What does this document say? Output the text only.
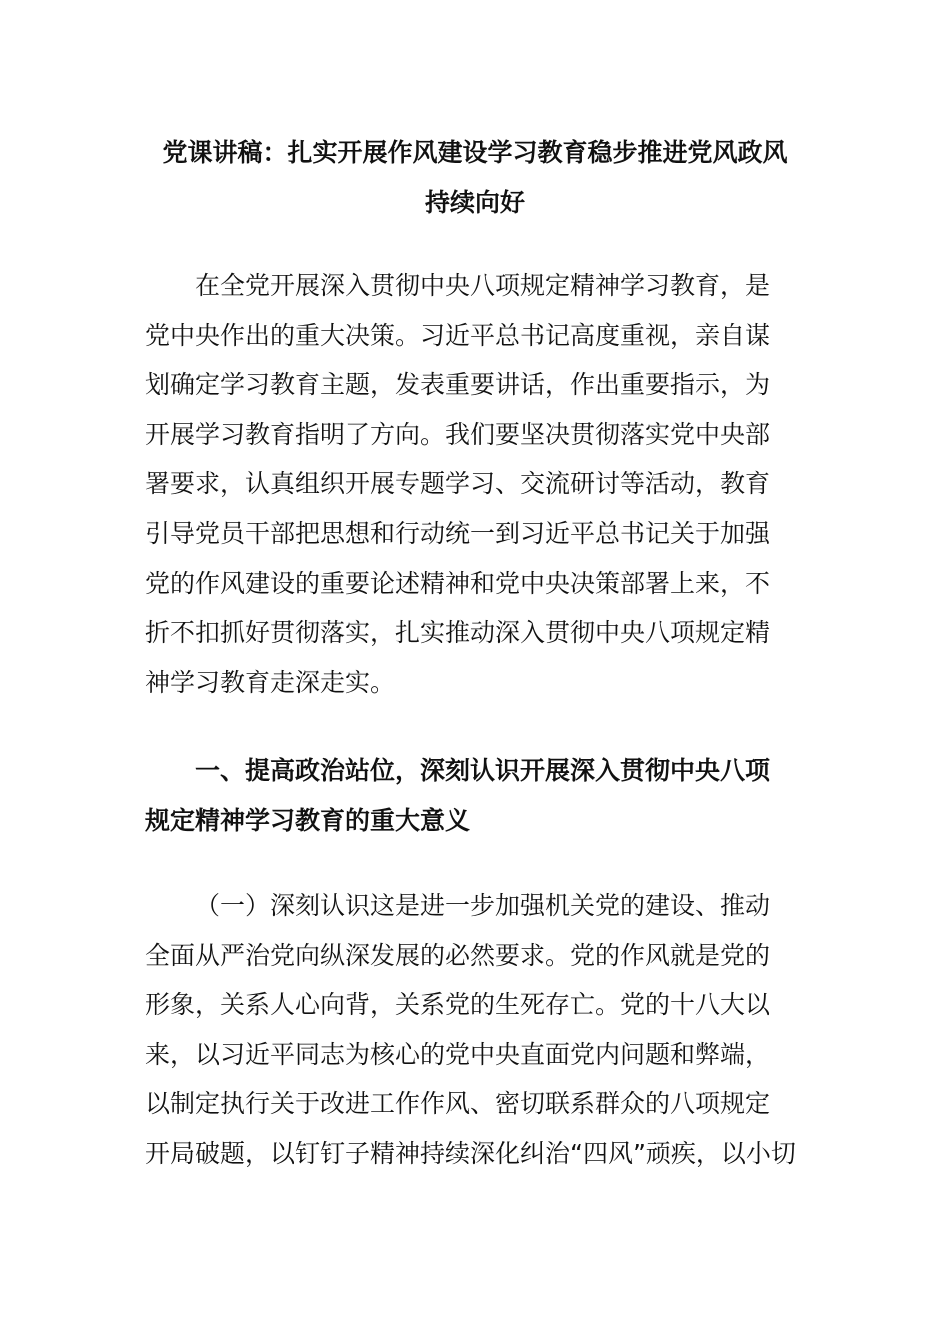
党课讲稿：扎实开展作风建设学习教育稳步推进党风政风
持续向好
在全党开展深入贯彻中央八项规定精神学习教育，是
党中央作出的重大决策。习近平总书记高度重视，亲自谋
划确定学习教育主题，发表重要讲话，作出重要指示，为
开展学习教育指明了方向。我们要坚决贯彻落实党中央部
署要求，认真组织开展专题学习、交流研讨等活动，教育
引导党员干部把思想和行动统一到习近平总书记关于加强
党的作风建设的重要论述精神和党中央决策部署上来，不
折不扣抓好贯彻落实，扎实推动深入贯彻中央八项规定精
神学习教育走深走实。
一、提高政治站位，深刻认识开展深入贯彻中央八项
规定精神学习教育的重大意义
（一）深刻认识这是进一步加强机关党的建设、推动
全面从严治党向纵深发展的必然要求。党的作风就是党的
形象，关系人心向背，关系党的生死存亡。党的十八大以
来，以习近平同志为核心的党中央直面党内问题和弊端，
以制定执行关于改进工作作风、密切联系群众的八项规定
开局破题，以钉钉子精神持续深化纠治“四风”顽疾，以小切
